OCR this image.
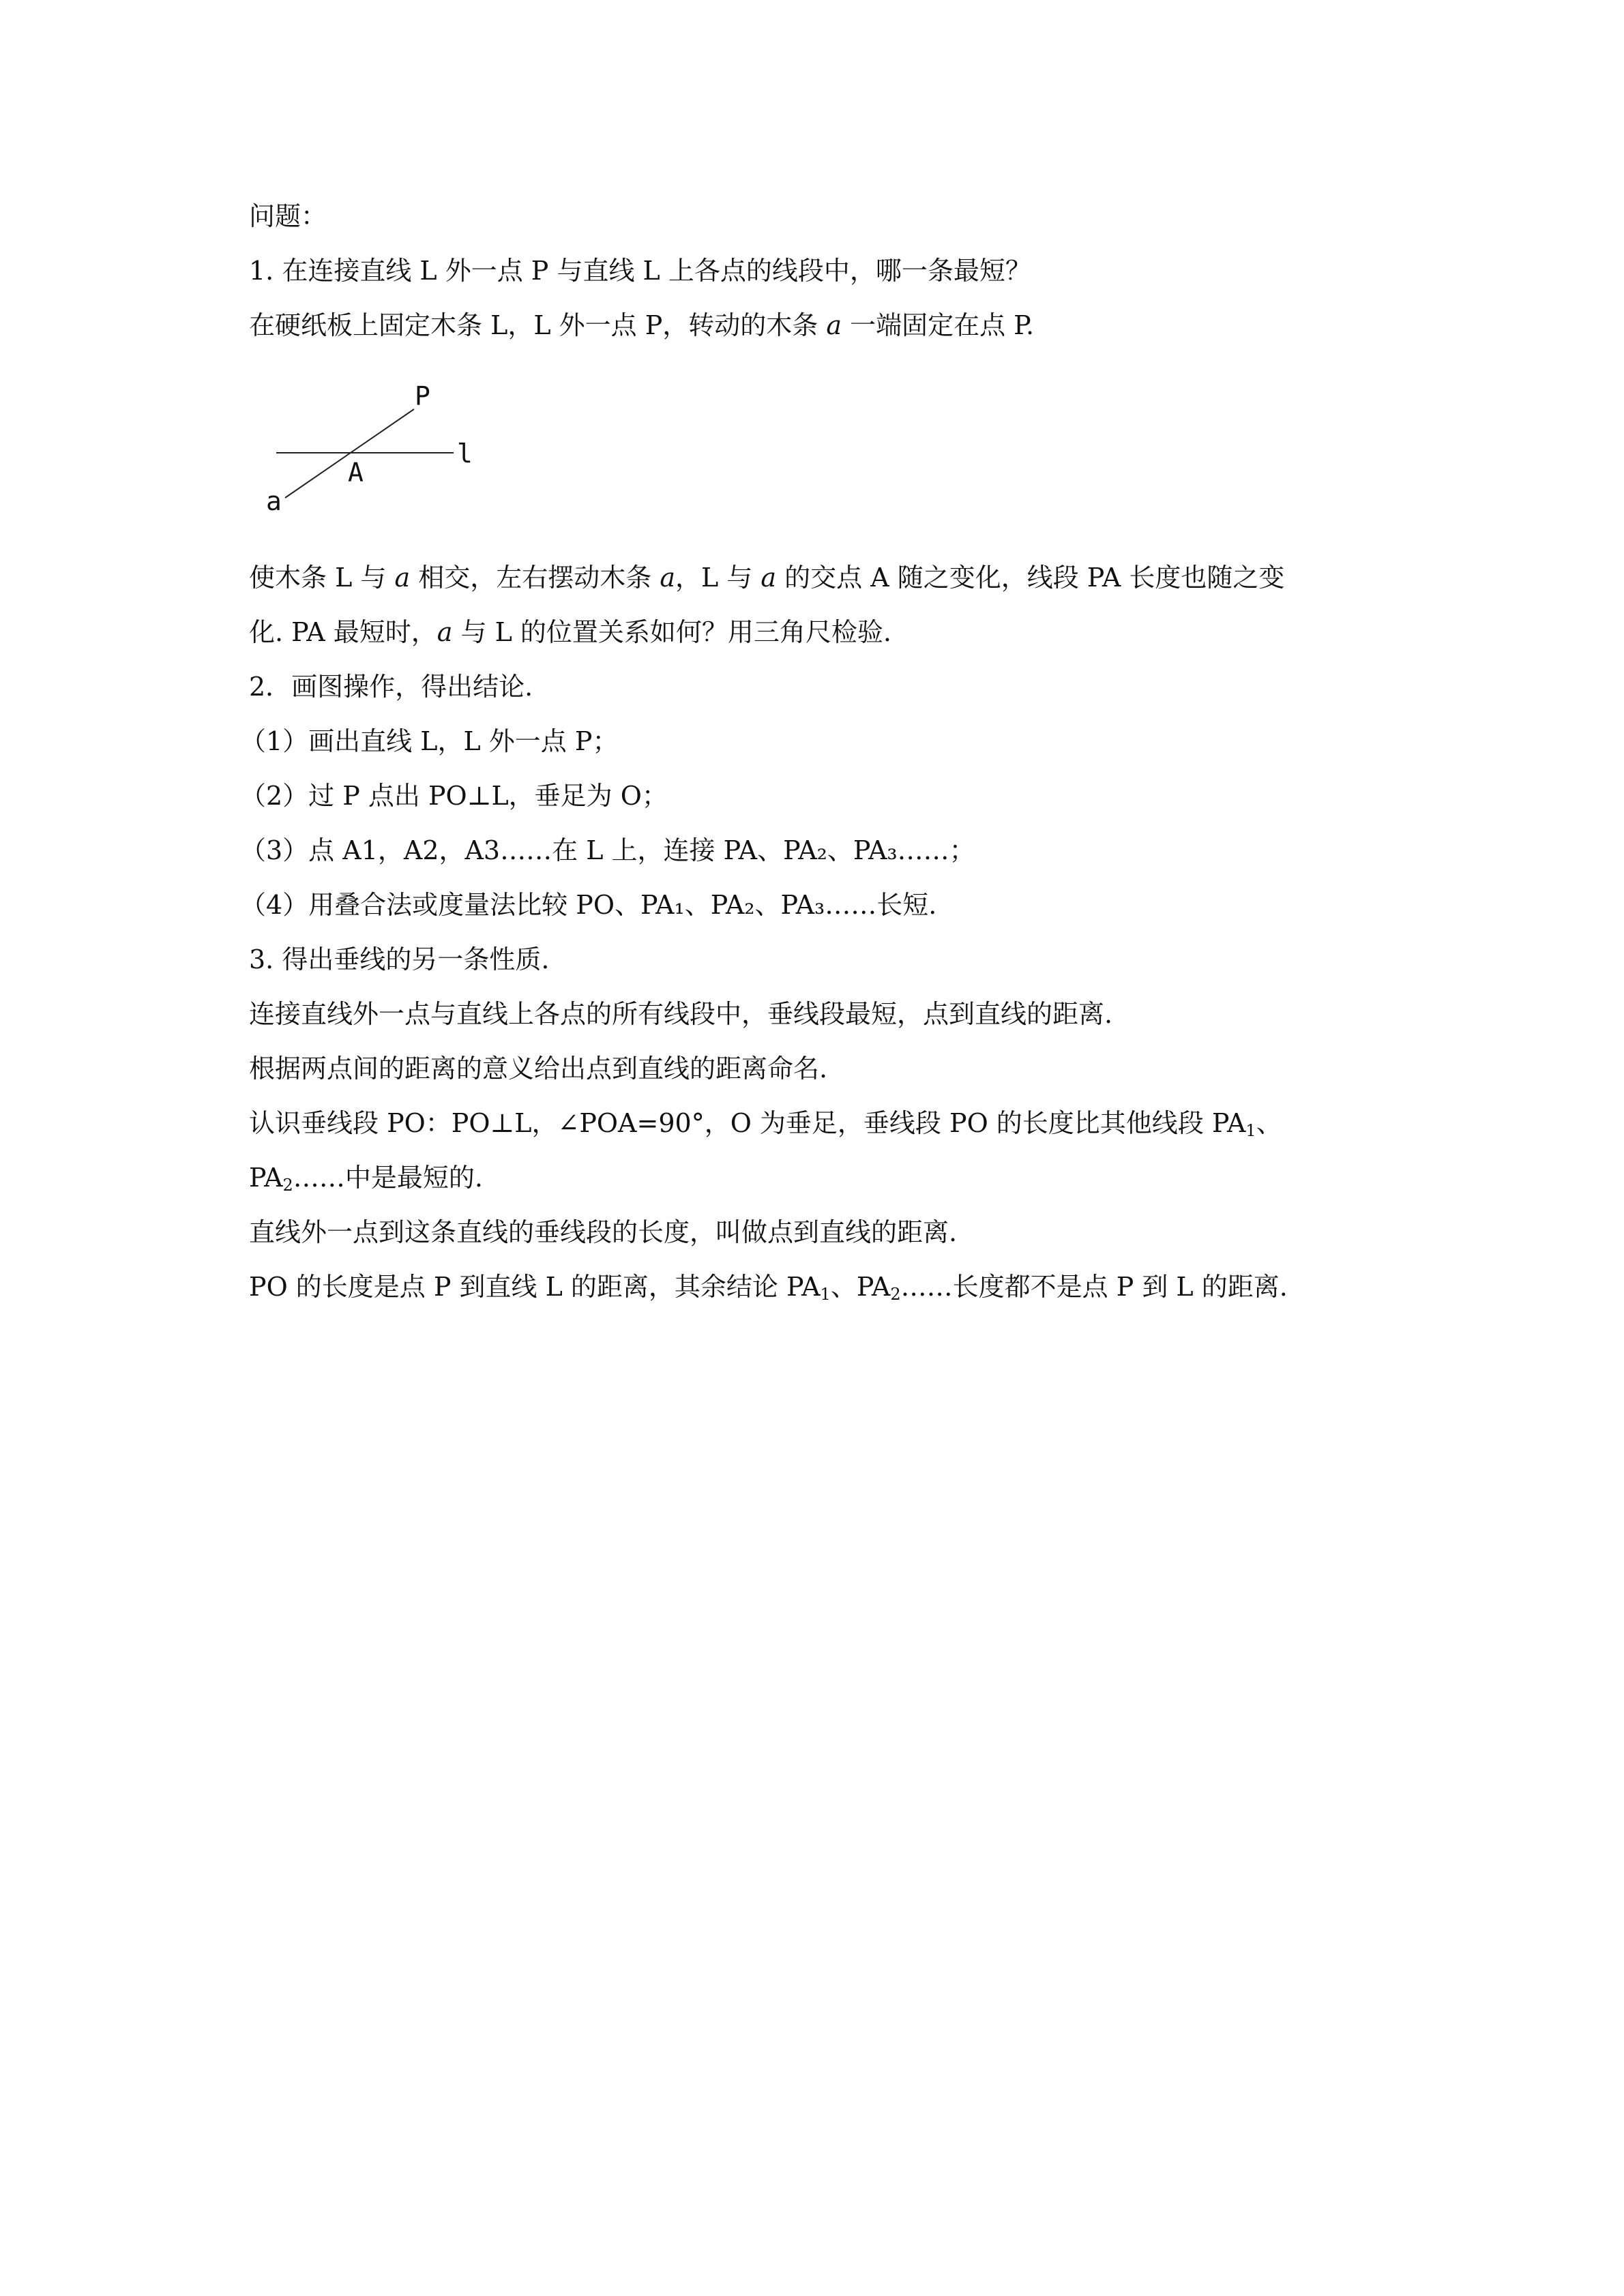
问题：
1. 在连接直线 L 外一点 P 与直线 L 上各点的线段中，哪一条最短？
在硬纸板上固定木条 L，L 外一点 P，转动的木条 a 一端固定在点 P.
P
l
A
a
使木条 L 与 a 相交，左右摆动木条 a，L 与 a 的交点 A 随之变化，线段 PA 长度也随之变
化. PA 最短时，a 与 L 的位置关系如何？用三角尺检验.
2．画图操作，得出结论.
（1）画出直线 L，L 外一点 P；
（2）过 P 点出 PO⊥L，垂足为 O；
（3）点 A1，A2，A3……在 L 上，连接 PA、PA₂、PA₃……；
（4）用叠合法或度量法比较 PO、PA₁、PA₂、PA₃……长短.
3. 得出垂线的另一条性质.
连接直线外一点与直线上各点的所有线段中，垂线段最短，点到直线的距离.
根据两点间的距离的意义给出点到直线的距离命名.
认识垂线段 PO：PO⊥L，∠POA=90°，O 为垂足，垂线段 PO 的长度比其他线段 $PA_1$、
$PA_2\dots\dots$中是最短的.
直线外一点到这条直线的垂线段的长度，叫做点到直线的距离.
PO 的长度是点 P 到直线 L 的距离，其余结论 $PA_1$、$PA_2\dots\dots$长度都不是点 P 到 L 的距离.
